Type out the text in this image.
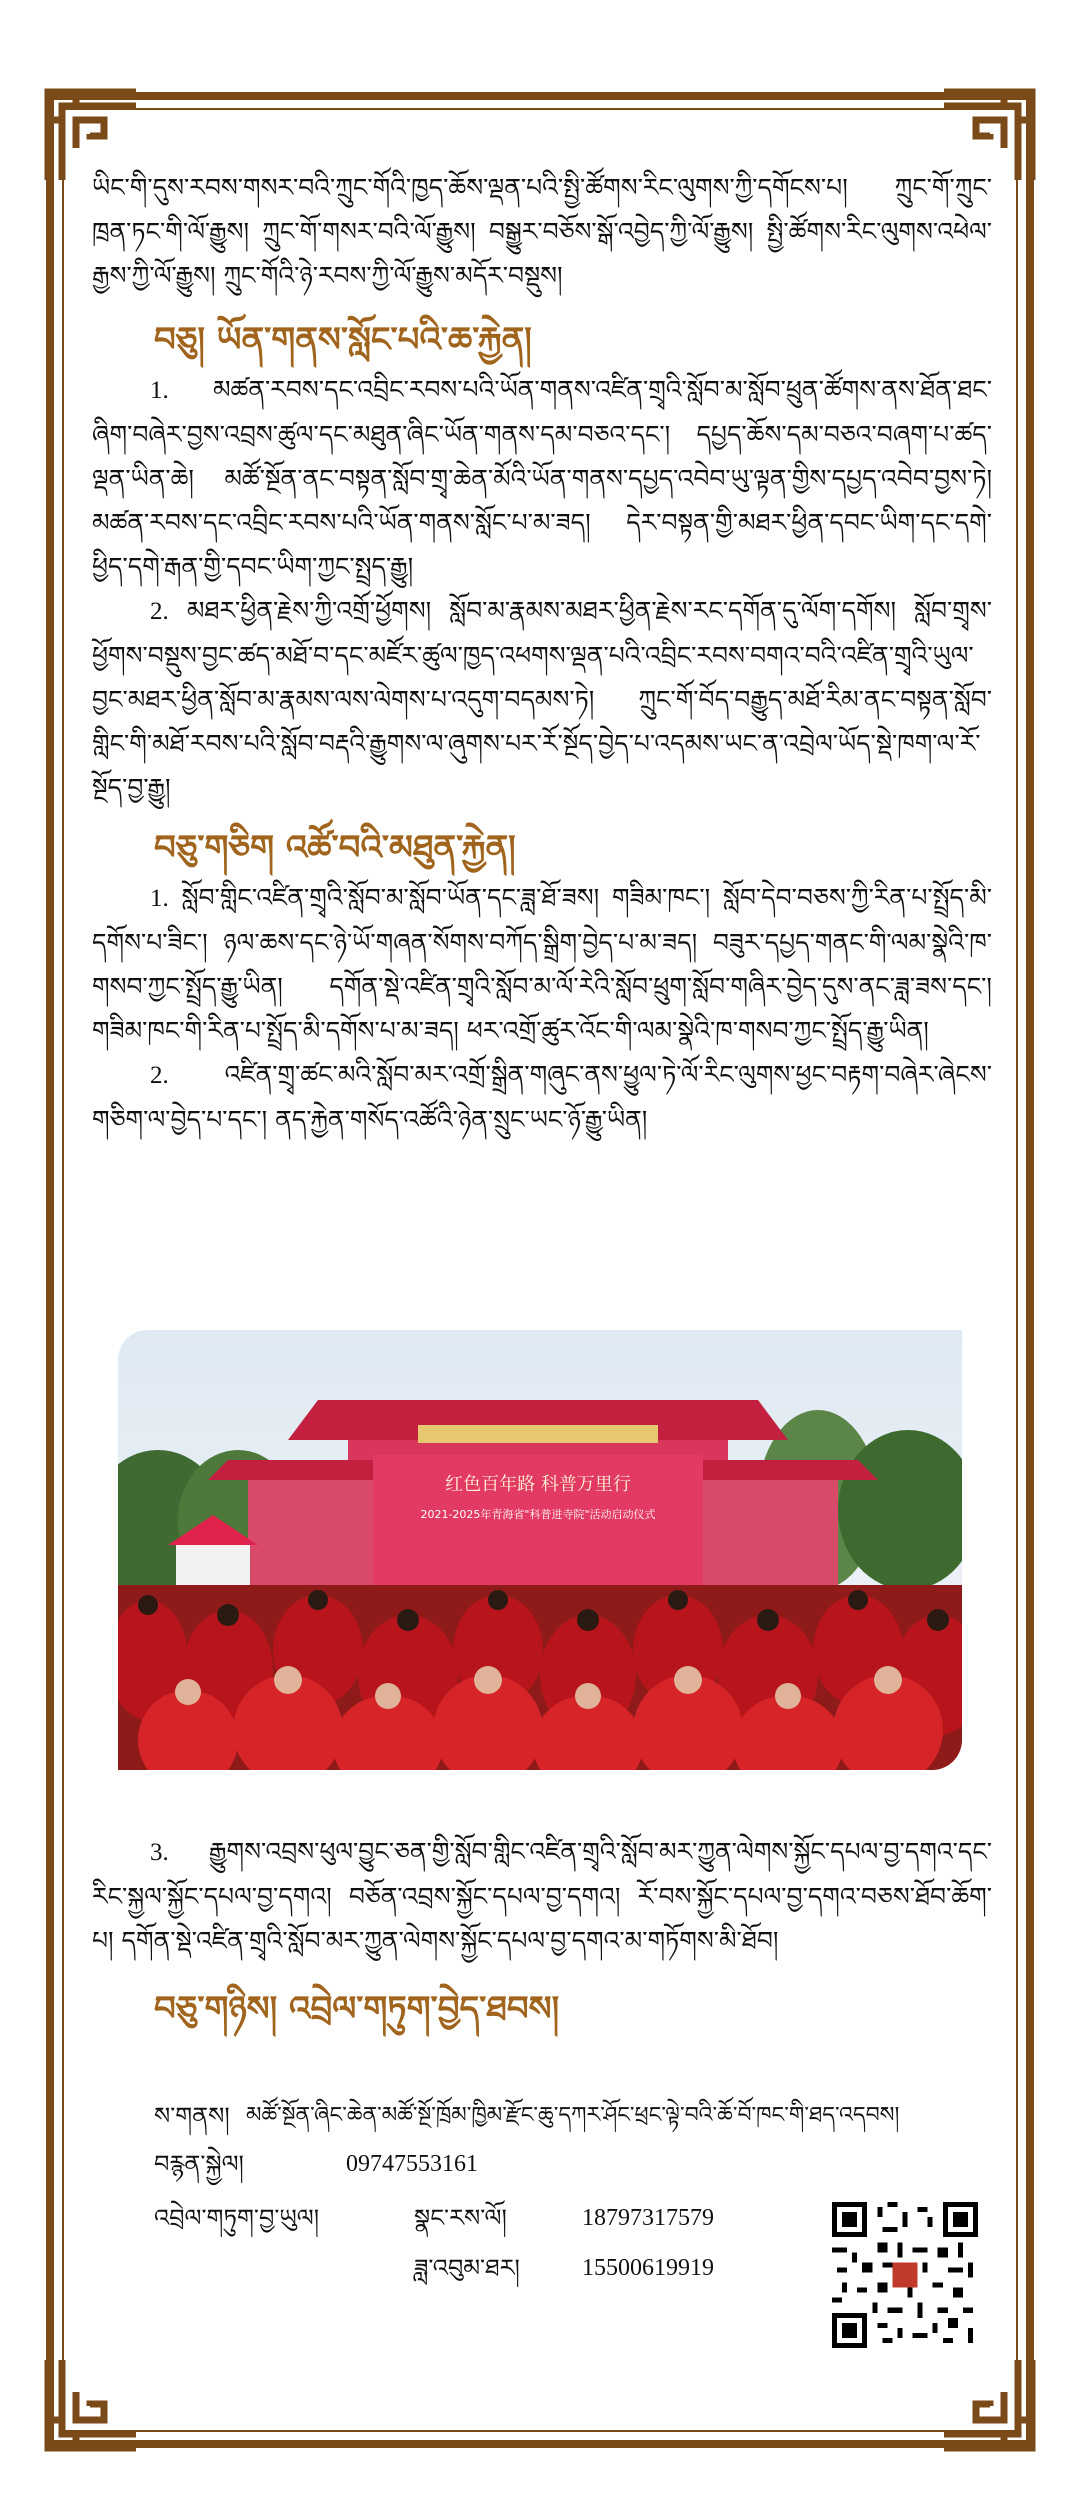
ཡིང་གི་དུས་རབས་གསར་བའི་ཀྲུང་གོའི་ཁྱད་ཆོས་ལྡན་པའི་སྤྱི་ཚོགས་རིང་ལུགས་ཀྱི་དགོངས་པ། ཀྲུང་གོ་ཀྲུང་ཁྲན་ཏང་གི་ལོ་རྒྱུས། ཀྲུང་གོ་གསར་བའི་ལོ་རྒྱུས། བསྒྱུར་བཅོས་སྒོ་འབྱེད་ཀྱི་ལོ་རྒྱུས། སྤྱི་ཚོགས་རིང་ལུགས་འཕེལ་རྒྱས་ཀྱི་ལོ་རྒྱུས། ཀྲུང་གོའི་ཉེ་རབས་ཀྱི་ལོ་རྒྱུས་མདོར་བསྡུས།

བཅུ། ཡོན་གནས་སློང་པའི་ཆ་རྐྱེན།

1. མཚན་རབས་དང་འབྲིང་རབས་པའི་ཡོན་གནས་འཛིན་གྲྭའི་སློབ་མ་སློབ་ཕྲུན་ཚོགས་ནས་ཐོན་ཐང་ཞིག་བཞེར་བྱས་འབྲས་ཚུལ་དང་མཐུན་ཞིང་ཡོན་གནས་དམ་བཅའ་དང་། དཔྱད་ཆོས་དམ་བཅའ་བཞག་པ་ཚད་ལྡན་ཡིན་ཆེ། མཚོ་སྔོན་ནང་བསྟན་སློབ་གྲྭ་ཆེན་མོའི་ཡོན་གནས་དཔྱད་འབེབ་ཡུ་ལྟན་གྱིས་དཔྱད་འབེབ་བྱས་ཏེ། མཚན་རབས་དང་འབྲིང་རབས་པའི་ཡོན་གནས་སློང་པ་མ་ཟད། དེར་བསྟན་གྱི་མཐར་ཕྱིན་དབང་ཡིག་དང་དགེ་ཕྱིད་དགེ་རྒན་གྱི་དབང་ཡིག་ཀྱང་སྤྲད་རྒྱུ།

2. མཐར་ཕྱིན་རྗེས་ཀྱི་འགྲོ་ཕྱོགས། སློབ་མ་རྣམས་མཐར་ཕྱིན་རྗེས་རང་དགོན་དུ་ལོག་དགོས། སློབ་གྲྭས་ཕྱོགས་བསྡུས་བྱང་ཚད་མཐོ་བ་དང་མཛོར་ཚུལ་ཁྱད་འཕགས་ལྡན་པའི་འབྲིང་རབས་བགའ་བའི་འཛིན་གྲྭའི་ཡུལ་བྱང་མཐར་ཕྱིན་སློབ་མ་རྣམས་ལས་ལེགས་པ་འདུག་བདམས་ཏེ། ཀྲུང་གོ་བོད་བརྒྱུད་མཐོ་རིམ་ནང་བསྟན་སློབ་གླིང་གི་མཐོ་རབས་པའི་སློབ་བརྡའི་རྒྱུགས་ལ་ཞུགས་པར་རོ་སྔོད་བྱེད་པ་འདམས་ཡང་ན་འབྲེལ་ཡོད་སྡེ་ཁག་ལ་རོ་སྔོད་བྱ་རྒྱུ།

བཅུ་གཅིག འཚོ་བའི་མཐུན་རྐྱེན།

1. སློབ་གླིང་འཛིན་གྲྭའི་སློབ་མ་སློབ་ཡོན་དང་ཟླ་ཐོ་ཟས། གཟིམ་ཁང་། སློབ་དེབ་བཅས་ཀྱི་རིན་པ་སྤྲོད་མི་དགོས་པ་ཟིང་། ཉལ་ཆས་དང་ཉེ་ཡོ་གཞན་སོགས་བཀོད་སྒྲིག་བྱེད་པ་མ་ཟད། བཟུར་དཔྱད་གནང་གི་ལམ་སྣེའི་ཁ་གསབ་ཀྱང་སྤྲོད་རྒྱུ་ཡིན། དགོན་སྡེ་འཛིན་གྲྭའི་སློབ་མ་ལོ་རེའི་སློབ་ཕྲུག་སློབ་གཞིར་བྱེད་དུས་ནང་ཟླ་ཟས་དང་། གཟིམ་ཁང་གི་རིན་པ་སྤྲོད་མི་དགོས་པ་མ་ཟད། ཕར་འགྲོ་ཚུར་འོང་གི་ལམ་སྣེའི་ཁ་གསབ་ཀྱང་སྤྲོད་རྒྱུ་ཡིན།

2. འཛིན་གྲྭ་ཚང་མའི་སློབ་མར་འགྲོ་སྒྲིན་གཞུང་ནས་ཕྱུལ་ཏེ་ལོ་རིང་ལུགས་ཕྱང་བརྟག་བཞེར་ཞེངས་གཅིག་ལ་བྱེད་པ་དང་། ནད་རྐྱེན་གསོད་འཚོའི་ཉེན་སྲུང་ཡང་ཉོ་རྒྱུ་ཡིན།

红色百年路 科普万里行
2021-2025年青海省"科普进寺院"活动启动仪式

3. རྒྱུགས་འབྲས་ཕུལ་བྱུང་ཅན་གྱི་སློབ་གླིང་འཛིན་གྲྭའི་སློབ་མར་ཀྱུན་ལེགས་སྐྱོང་དཔལ་བྱ་དགའ་དང་རིང་སྐྱལ་སྐྱོང་དཔལ་བྱ་དགའ། བཅོན་འབྲས་སྐྱོང་དཔལ་བྱ་དགའ། རོ་བས་སྐྱོང་དཔལ་བྱ་དགའ་བཅས་ཐོབ་ཆོག་པ། དགོན་སྡེ་འཛིན་གྲྭའི་སློབ་མར་ཀྱུན་ལེགས་སྐྱོང་དཔལ་བྱ་དགའ་མ་གཏོགས་མི་ཐོབ།

བཅུ་གཉིས། འབྲེལ་གཏུག་བྱེད་ཐབས།

ས་གནས། མཚོ་སྔོན་ཞིང་ཆེན་མཚོ་སྔོ་ཁྲོམ་ཁྱིམ་རྫོང་ཆུ་དཀར་ཤོང་ཕྲང་ལྟེ་བའི་ཆོ་བོ་ཁང་གི་ཐད་འདབས།
བརྙན་སྐྱེལ།	09747553161
འབྲེལ་གཏུག་བྱ་ཡུལ།	སྣང་རས་ལོ།	18797317579
ཟླ་འབུམ་ཐར།	15500619919
